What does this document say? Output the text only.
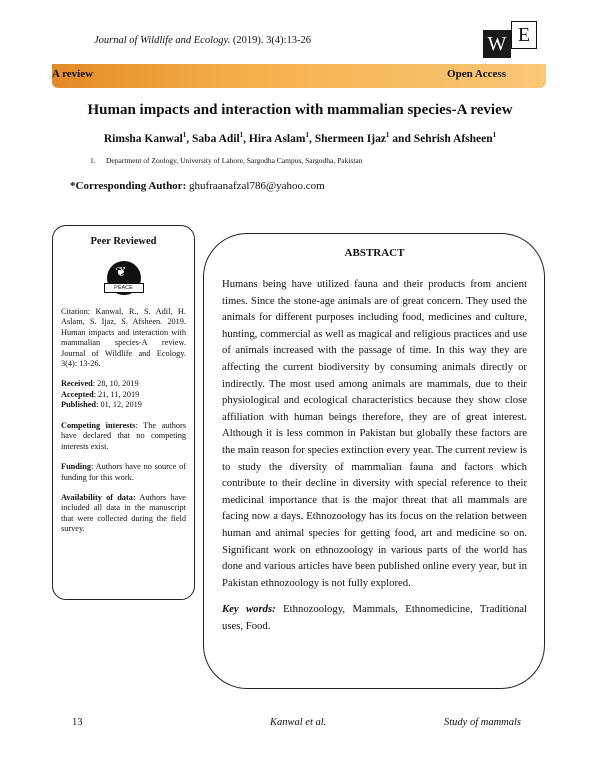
Journal of Wildlife and Ecology. (2019). 3(4):13-26	W E
A review	Open Access
Human impacts and interaction with mammalian species-A review
Rimsha Kanwal$^1$, Saba Adil$^1$, Hira Aslam$^1$, Shermeen Ijaz$^1$ and Sehrish Afsheen$^1$
1. Department of Zoology, University of Lahore, Sargodha Campus, Sargodha, Pakistan
*Corresponding Author: ghufraanafzal786@yahoo.com
Peer Reviewed
❦
PEACE

Citation: Kanwal, R., S. Adil, H. Aslam, S. Ijaz, S. Afsheen. 2019. Human impacts and interaction with mammalian species-A review. Journal of Wildlife and Ecology. 3(4): 13-26.

Received: 28, 10, 2019
Accepted: 21, 11, 2019
Published: 01, 12, 2019

Competing interests: The authors have declared that no competing interests exist.

Funding: Authors have no source of funding for this work.

Availability of data: Authors have included all data in the manuscript that were collected during the field survey.

ABSTRACT

Humans being have utilized fauna and their products from ancient times. Since the stone-age animals are of great concern. They used the animals for different purposes including food, medicines and culture, hunting, commercial as well as magical and religious practices and use of animals increased with the passage of time. In this way they are affecting the current biodiversity by consuming animals directly or indirectly. The most used among animals are mammals, due to their physiological and ecological characteristics because they show close affiliation with human beings therefore, they are of great interest. Although it is less common in Pakistan but globally these factors are the main reason for species extinction every year. The current review is to study the diversity of mammalian fauna and factors which contribute to their decline in diversity with special reference to their medicinal importance that is the major threat that all mammals are facing now a days. Ethnozoology has its focus on the relation between human and animal species for getting food, art and medicine so on. Significant work on ethnozoology in various parts of the world has done and various articles have been published online every year, but in Pakistan ethnozoology is not fully explored.

Key words: Ethnozoology, Mammals, Ethnomedicine, Traditional uses, Food.

13	Kanwal et al.	Study of mammals
